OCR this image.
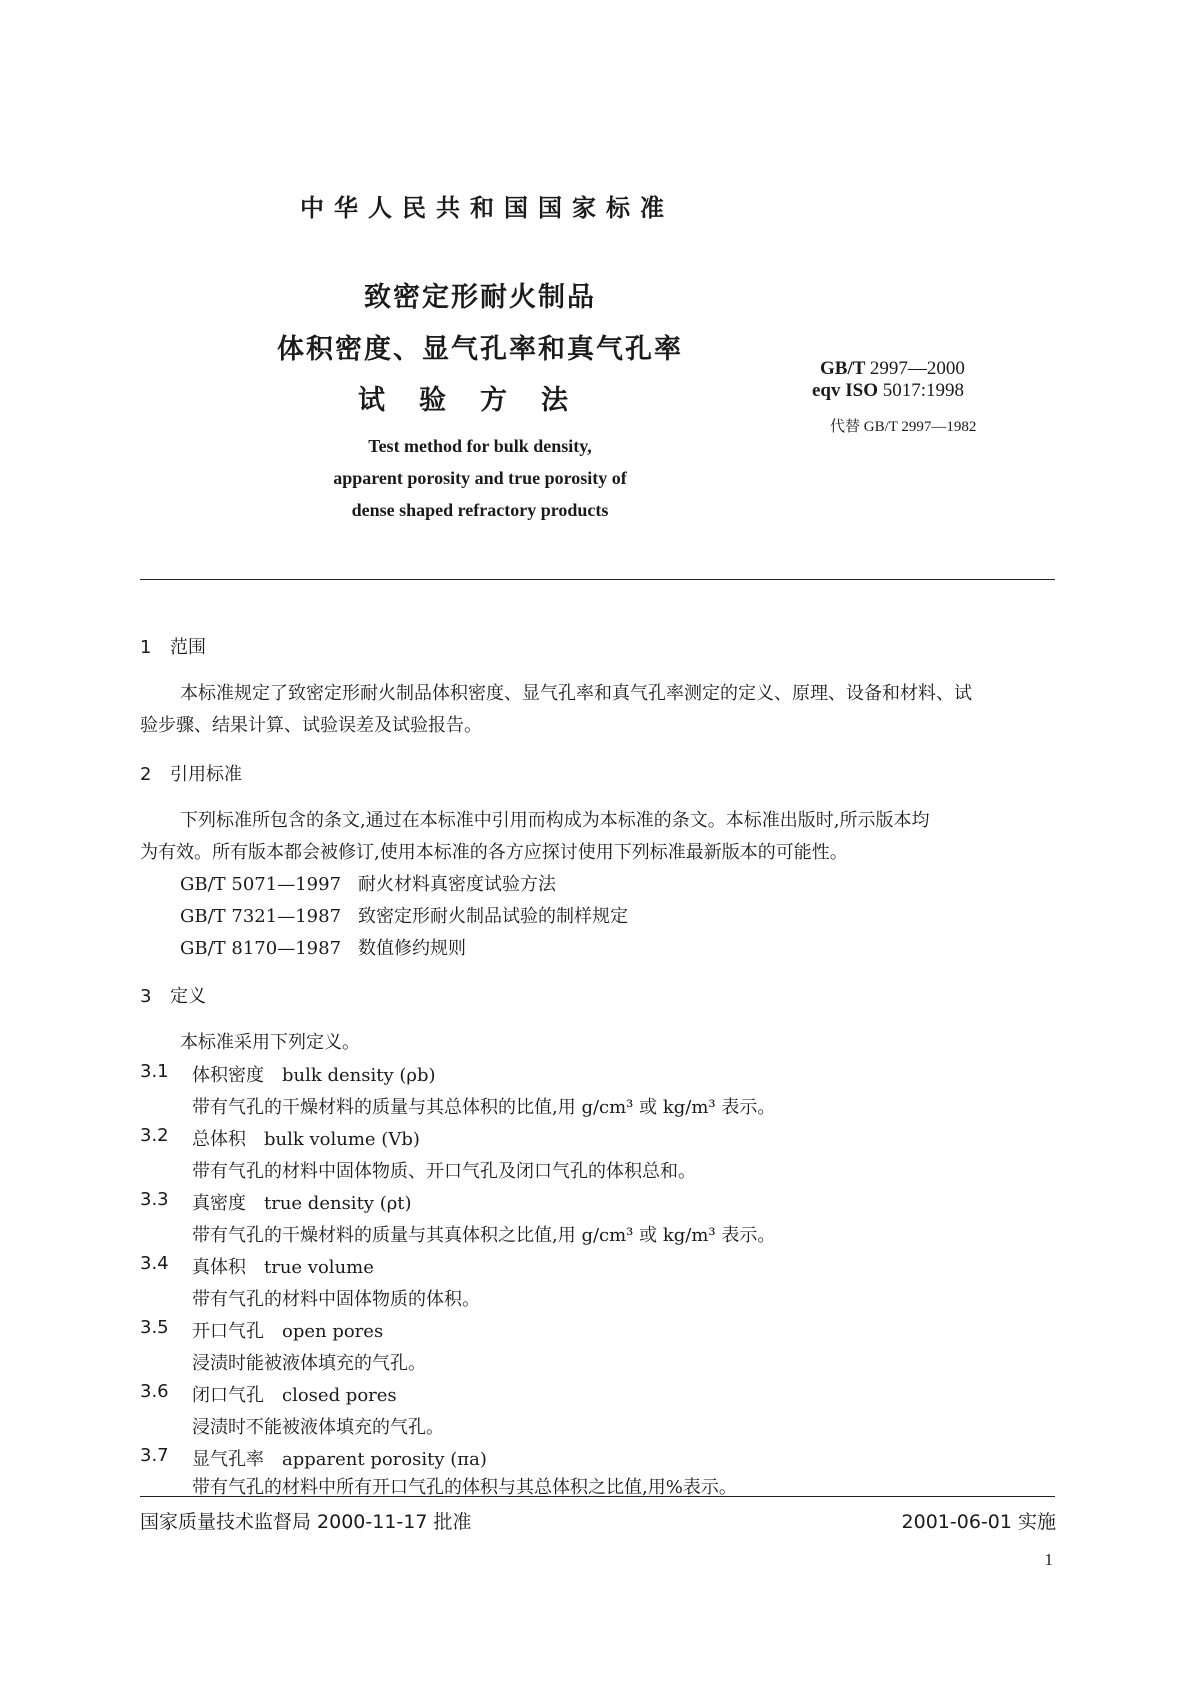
中华人民共和国国家标准
致密定形耐火制品
体积密度、显气孔率和真气孔率
试验方法
Test method for bulk density,
apparent porosity and true porosity of
dense shaped refractory products
GB/T 2997—2000
eqv ISO 5017:1998
代替 GB/T 2997—1982
1 范围
本标准规定了致密定形耐火制品体积密度、显气孔率和真气孔率测定的定义、原理、设备和材料、试
验步骤、结果计算、试验误差及试验报告。
2 引用标准
下列标准所包含的条文,通过在本标准中引用而构成为本标准的条文。本标准出版时,所示版本均
为有效。所有版本都会被修订,使用本标准的各方应探讨使用下列标准最新版本的可能性。
GB/T 5071—1997 耐火材料真密度试验方法
GB/T 7321—1987 致密定形耐火制品试验的制样规定
GB/T 8170—1987 数值修约规则
3 定义
本标准采用下列定义。
3.1 体积密度 bulk density (ρb)
带有气孔的干燥材料的质量与其总体积的比值,用 g/cm³ 或 kg/m³ 表示。
3.2 总体积 bulk volume (Vb)
带有气孔的材料中固体物质、开口气孔及闭口气孔的体积总和。
3.3 真密度 true density (ρt)
带有气孔的干燥材料的质量与其真体积之比值,用 g/cm³ 或 kg/m³ 表示。
3.4 真体积 true volume
带有气孔的材料中固体物质的体积。
3.5 开口气孔 open pores
浸渍时能被液体填充的气孔。
3.6 闭口气孔 closed pores
浸渍时不能被液体填充的气孔。
3.7 显气孔率 apparent porosity (πa)
带有气孔的材料中所有开口气孔的体积与其总体积之比值,用%表示。
国家质量技术监督局 2000-11-17 批准	2001-06-01 实施
1
